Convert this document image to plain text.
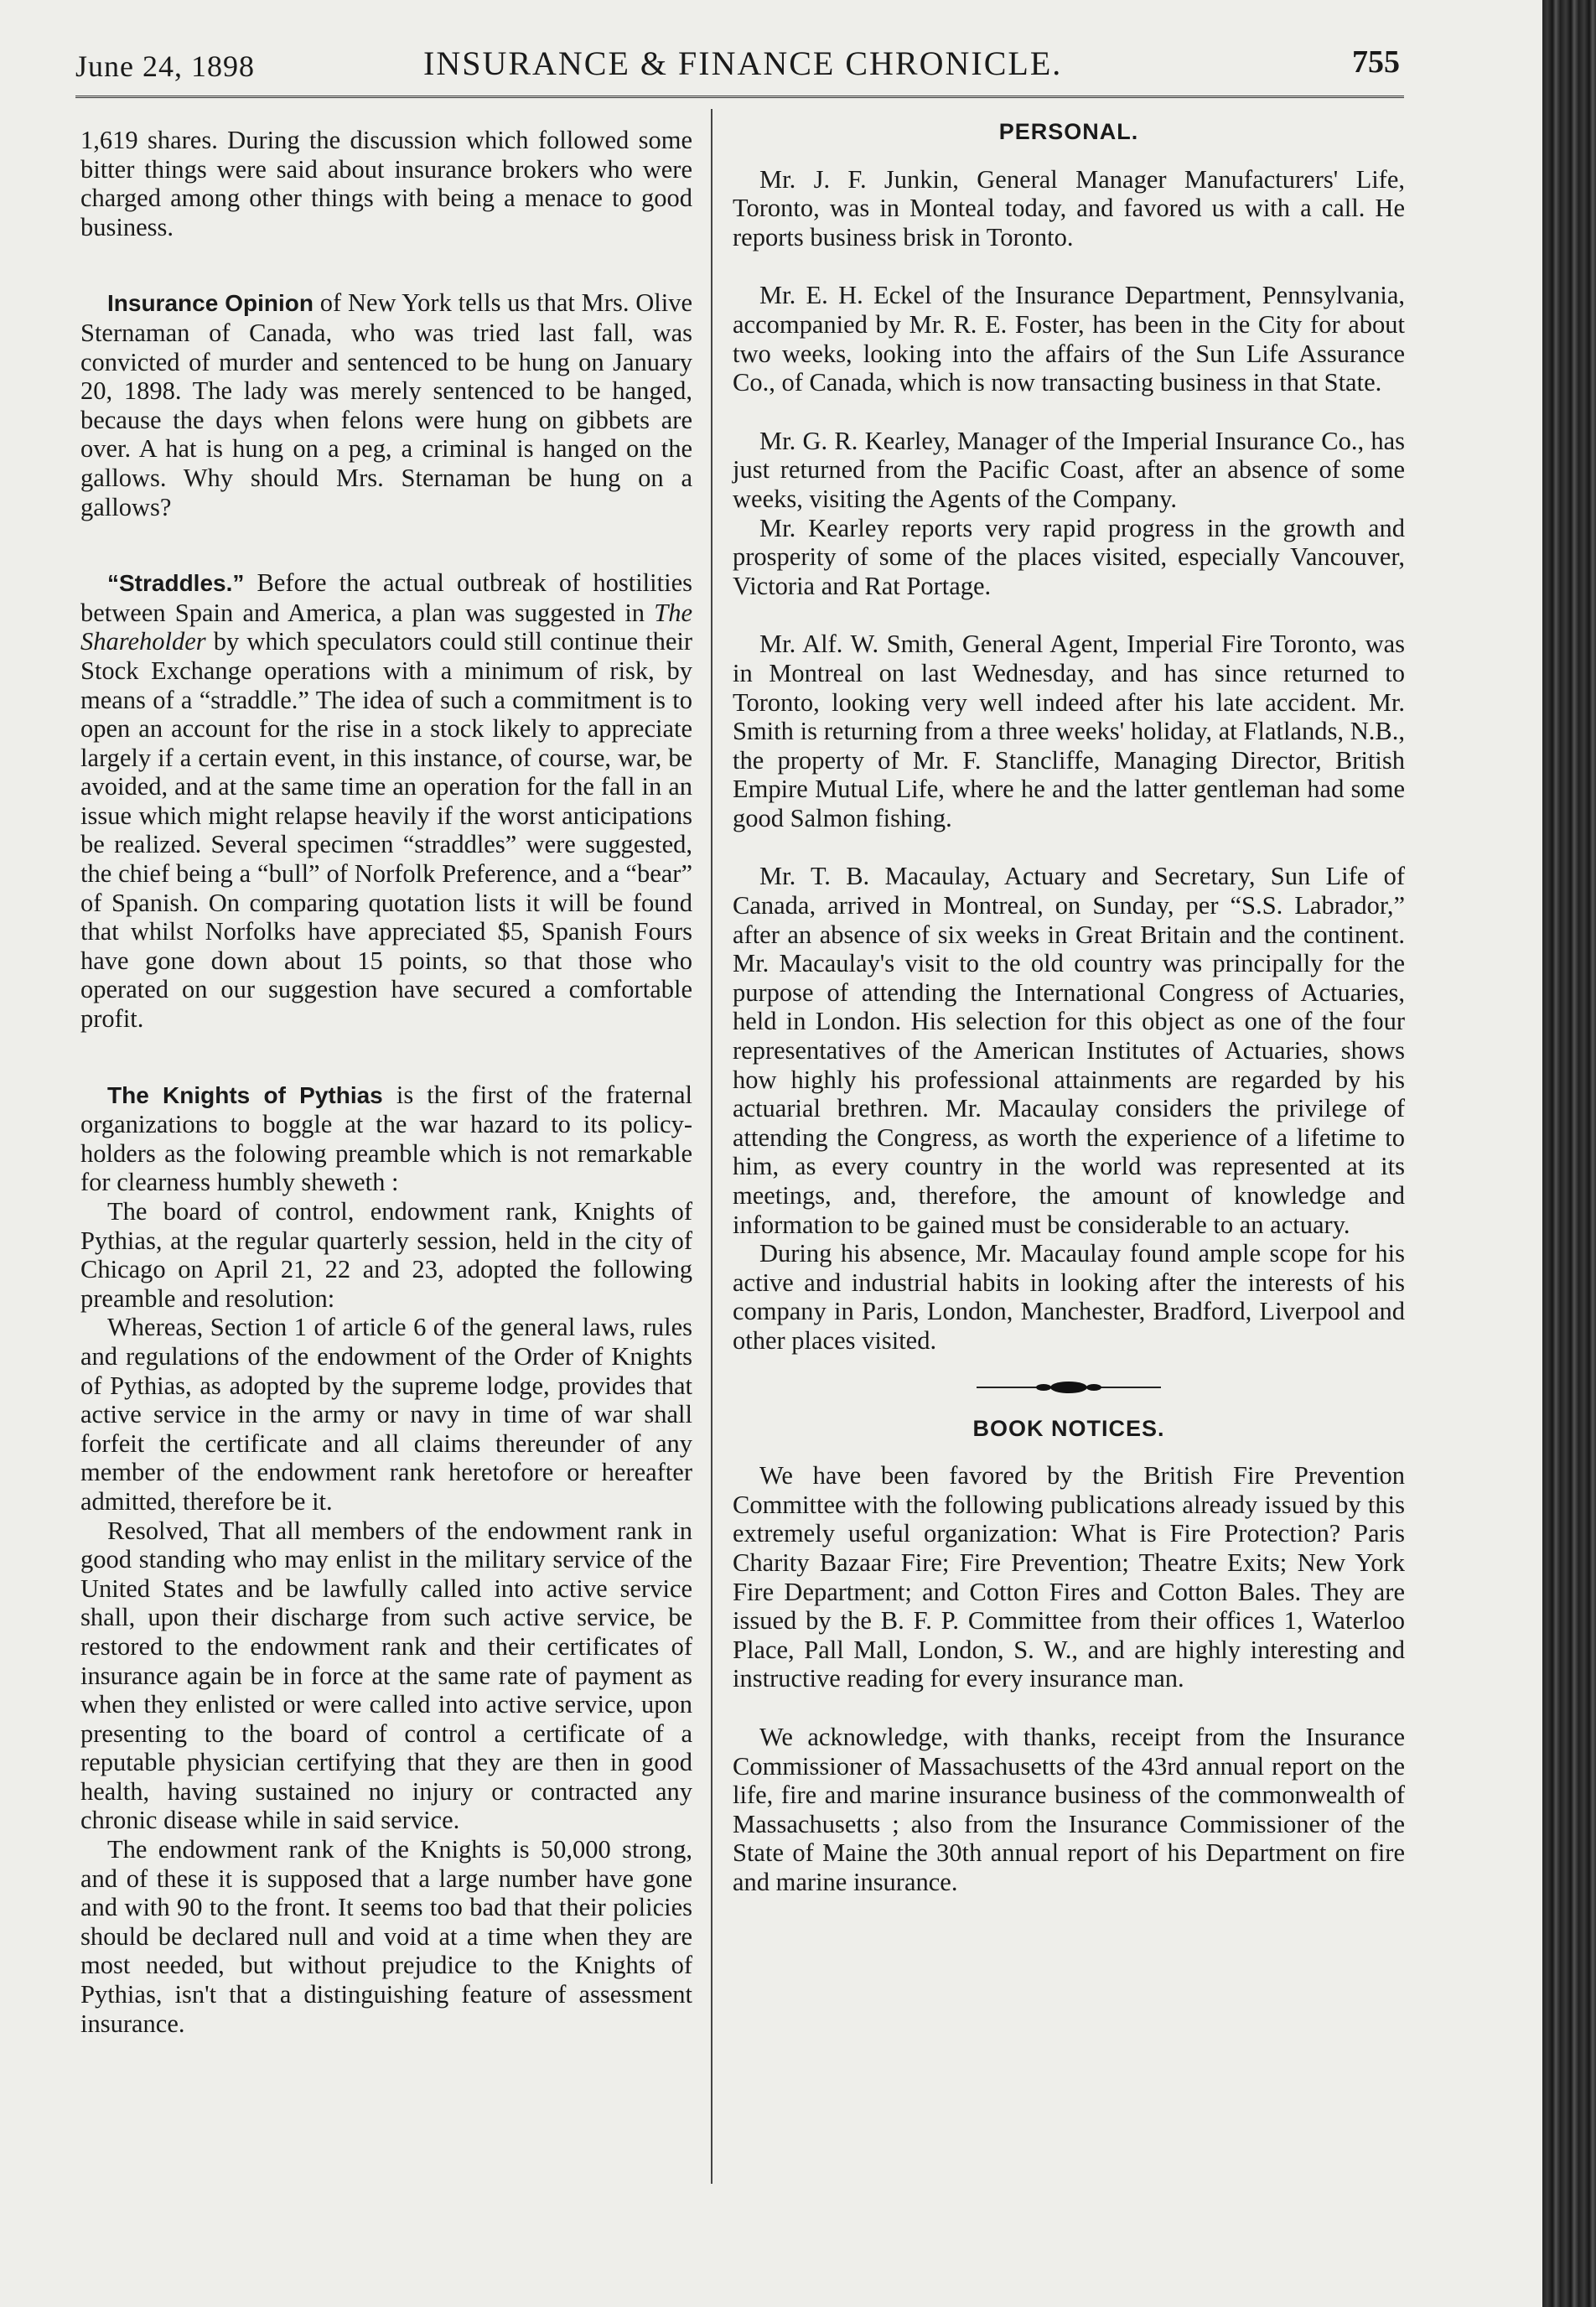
June 24, 1898	INSURANCE & FINANCE CHRONICLE.	755

1,619 shares. During the discussion which followed some bitter things were said about insurance brokers who were charged among other things with being a menace to good business.

Insurance Opinion of New York tells us that Mrs. Olive Sternaman of Canada, who was tried last fall, was convicted of murder and sentenced to be hung on January 20, 1898. The lady was merely sentenced to be hanged, because the days when felons were hung on gibbets are over. A hat is hung on a peg, a criminal is hanged on the gallows. Why should Mrs. Sternaman be hung on a gallows?

“Straddles.” Before the actual outbreak of hostilities between Spain and America, a plan was suggested in The Shareholder by which speculators could still continue their Stock Exchange operations with a minimum of risk, by means of a “straddle.” The idea of such a commitment is to open an account for the rise in a stock likely to appreciate largely if a certain event, in this instance, of course, war, be avoided, and at the same time an operation for the fall in an issue which might relapse heavily if the worst anticipations be realized. Several specimen “straddles” were suggested, the chief being a “bull” of Norfolk Preference, and a “bear” of Spanish. On comparing quotation lists it will be found that whilst Norfolks have appreciated $5, Spanish Fours have gone down about 15 points, so that those who operated on our suggestion have secured a comfortable profit.

The Knights of Pythias is the first of the fraternal organizations to boggle at the war hazard to its policy-holders as the folowing preamble which is not remarkable for clearness humbly sheweth :

The board of control, endowment rank, Knights of Pythias, at the regular quarterly session, held in the city of Chicago on April 21, 22 and 23, adopted the following preamble and resolution:

Whereas, Section 1 of article 6 of the general laws, rules and regulations of the endowment of the Order of Knights of Pythias, as adopted by the supreme lodge, provides that active service in the army or navy in time of war shall forfeit the certificate and all claims thereunder of any member of the endowment rank heretofore or hereafter admitted, therefore be it.

Resolved, That all members of the endowment rank in good standing who may enlist in the military service of the United States and be lawfully called into active service shall, upon their discharge from such active service, be restored to the endowment rank and their certificates of insurance again be in force at the same rate of payment as when they enlisted or were called into active service, upon presenting to the board of control a certificate of a reputable physician certifying that they are then in good health, having sustained no injury or contracted any chronic disease while in said service.

The endowment rank of the Knights is 50,000 strong, and of these it is supposed that a large number have gone and with 90 to the front. It seems too bad that their policies should be declared null and void at a time when they are most needed, but without prejudice to the Knights of Pythias, isn't that a distinguishing feature of assessment insurance.

PERSONAL.

Mr. J. F. Junkin, General Manager Manufacturers' Life, Toronto, was in Monteal today, and favored us with a call. He reports business brisk in Toronto.

Mr. E. H. Eckel of the Insurance Department, Pennsylvania, accompanied by Mr. R. E. Foster, has been in the City for about two weeks, looking into the affairs of the Sun Life Assurance Co., of Canada, which is now transacting business in that State.

Mr. G. R. Kearley, Manager of the Imperial Insurance Co., has just returned from the Pacific Coast, after an absence of some weeks, visiting the Agents of the Company.

Mr. Kearley reports very rapid progress in the growth and prosperity of some of the places visited, especially Vancouver, Victoria and Rat Portage.

Mr. Alf. W. Smith, General Agent, Imperial Fire Toronto, was in Montreal on last Wednesday, and has since returned to Toronto, looking very well indeed after his late accident. Mr. Smith is returning from a three weeks' holiday, at Flatlands, N.B., the property of Mr. F. Stancliffe, Managing Director, British Empire Mutual Life, where he and the latter gentleman had some good Salmon fishing.

Mr. T. B. Macaulay, Actuary and Secretary, Sun Life of Canada, arrived in Montreal, on Sunday, per “S.S. Labrador,” after an absence of six weeks in Great Britain and the continent. Mr. Macaulay's visit to the old country was principally for the purpose of attending the International Congress of Actuaries, held in London. His selection for this object as one of the four representatives of the American Institutes of Actuaries, shows how highly his professional attainments are regarded by his actuarial brethren. Mr. Macaulay considers the privilege of attending the Congress, as worth the experience of a lifetime to him, as every country in the world was represented at its meetings, and, therefore, the amount of knowledge and information to be gained must be considerable to an actuary.

During his absence, Mr. Macaulay found ample scope for his active and industrial habits in looking after the interests of his company in Paris, London, Manchester, Bradford, Liverpool and other places visited.

BOOK NOTICES.

We have been favored by the British Fire Prevention Committee with the following publications already issued by this extremely useful organization: What is Fire Protection? Paris Charity Bazaar Fire; Fire Prevention; Theatre Exits; New York Fire Department; and Cotton Fires and Cotton Bales. They are issued by the B. F. P. Committee from their offices 1, Waterloo Place, Pall Mall, London, S. W., and are highly interesting and instructive reading for every insurance man.

We acknowledge, with thanks, receipt from the Insurance Commissioner of Massachusetts of the 43rd annual report on the life, fire and marine insurance business of the commonwealth of Massachusetts ; also from the Insurance Commissioner of the State of Maine the 30th annual report of his Department on fire and marine insurance.
